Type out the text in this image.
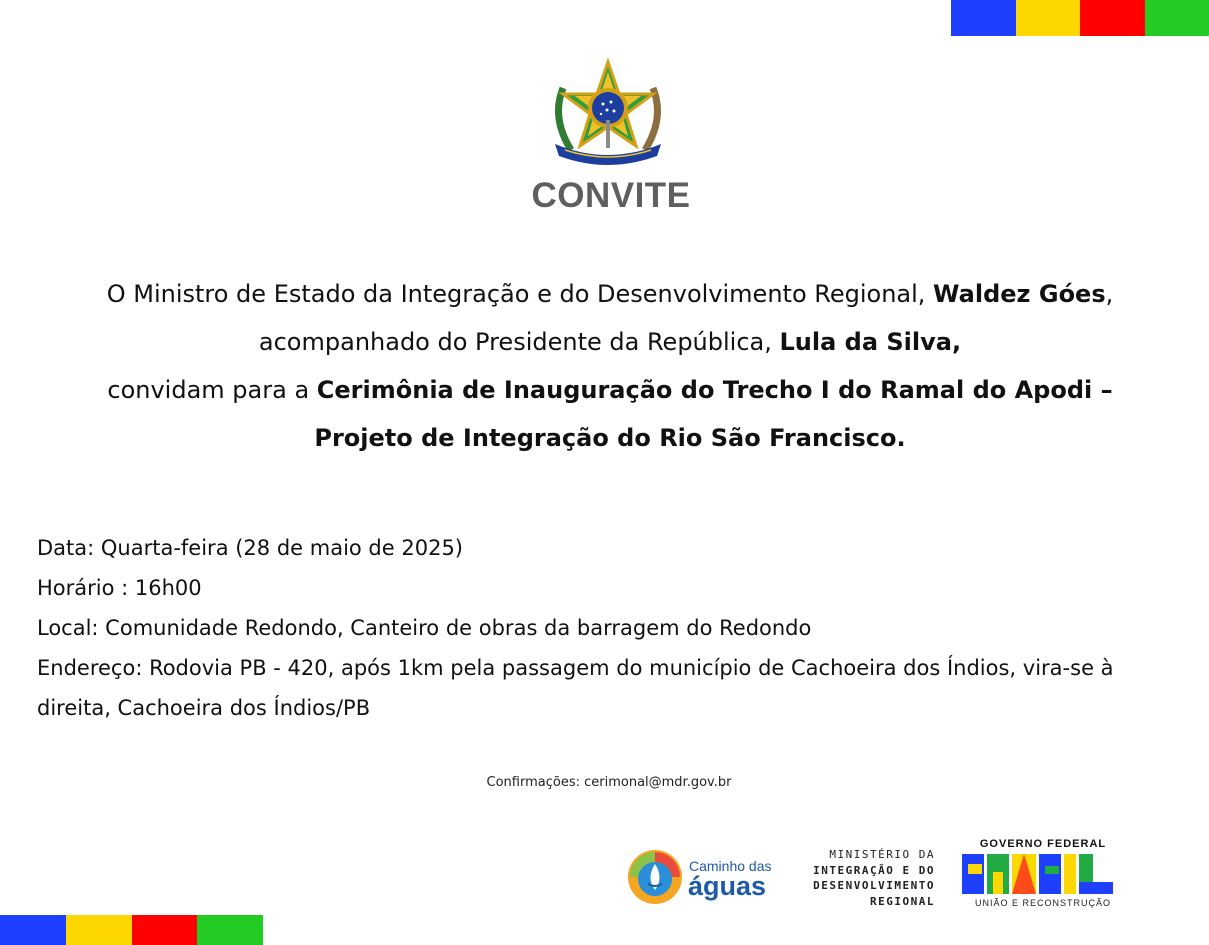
CONVITE

O Ministro de Estado da Integração e do Desenvolvimento Regional, Waldez Góes,

acompanhado do Presidente da República, Lula da Silva,

convidam para a Cerimônia de Inauguração do Trecho I do Ramal do Apodi –

Projeto de Integração do Rio São Francisco.

Data: Quarta-feira (28 de maio de 2025)

Horário : 16h00

Local: Comunidade Redondo, Canteiro de obras da barragem do Redondo

Endereço: Rodovia PB - 420, após 1km pela passagem do município de Cachoeira dos Índios, vira-se à direita, Cachoeira dos Índios/PB

Confirmações: cerimonal@mdr.gov.br
Caminho das
águas
MINISTÉRIO DA
INTEGRAÇÃO E DO
DESENVOLVIMENTO
REGIONAL
GOVERNO FEDERAL
BRASIL
UNIÃO E RECONSTRUÇÃO
